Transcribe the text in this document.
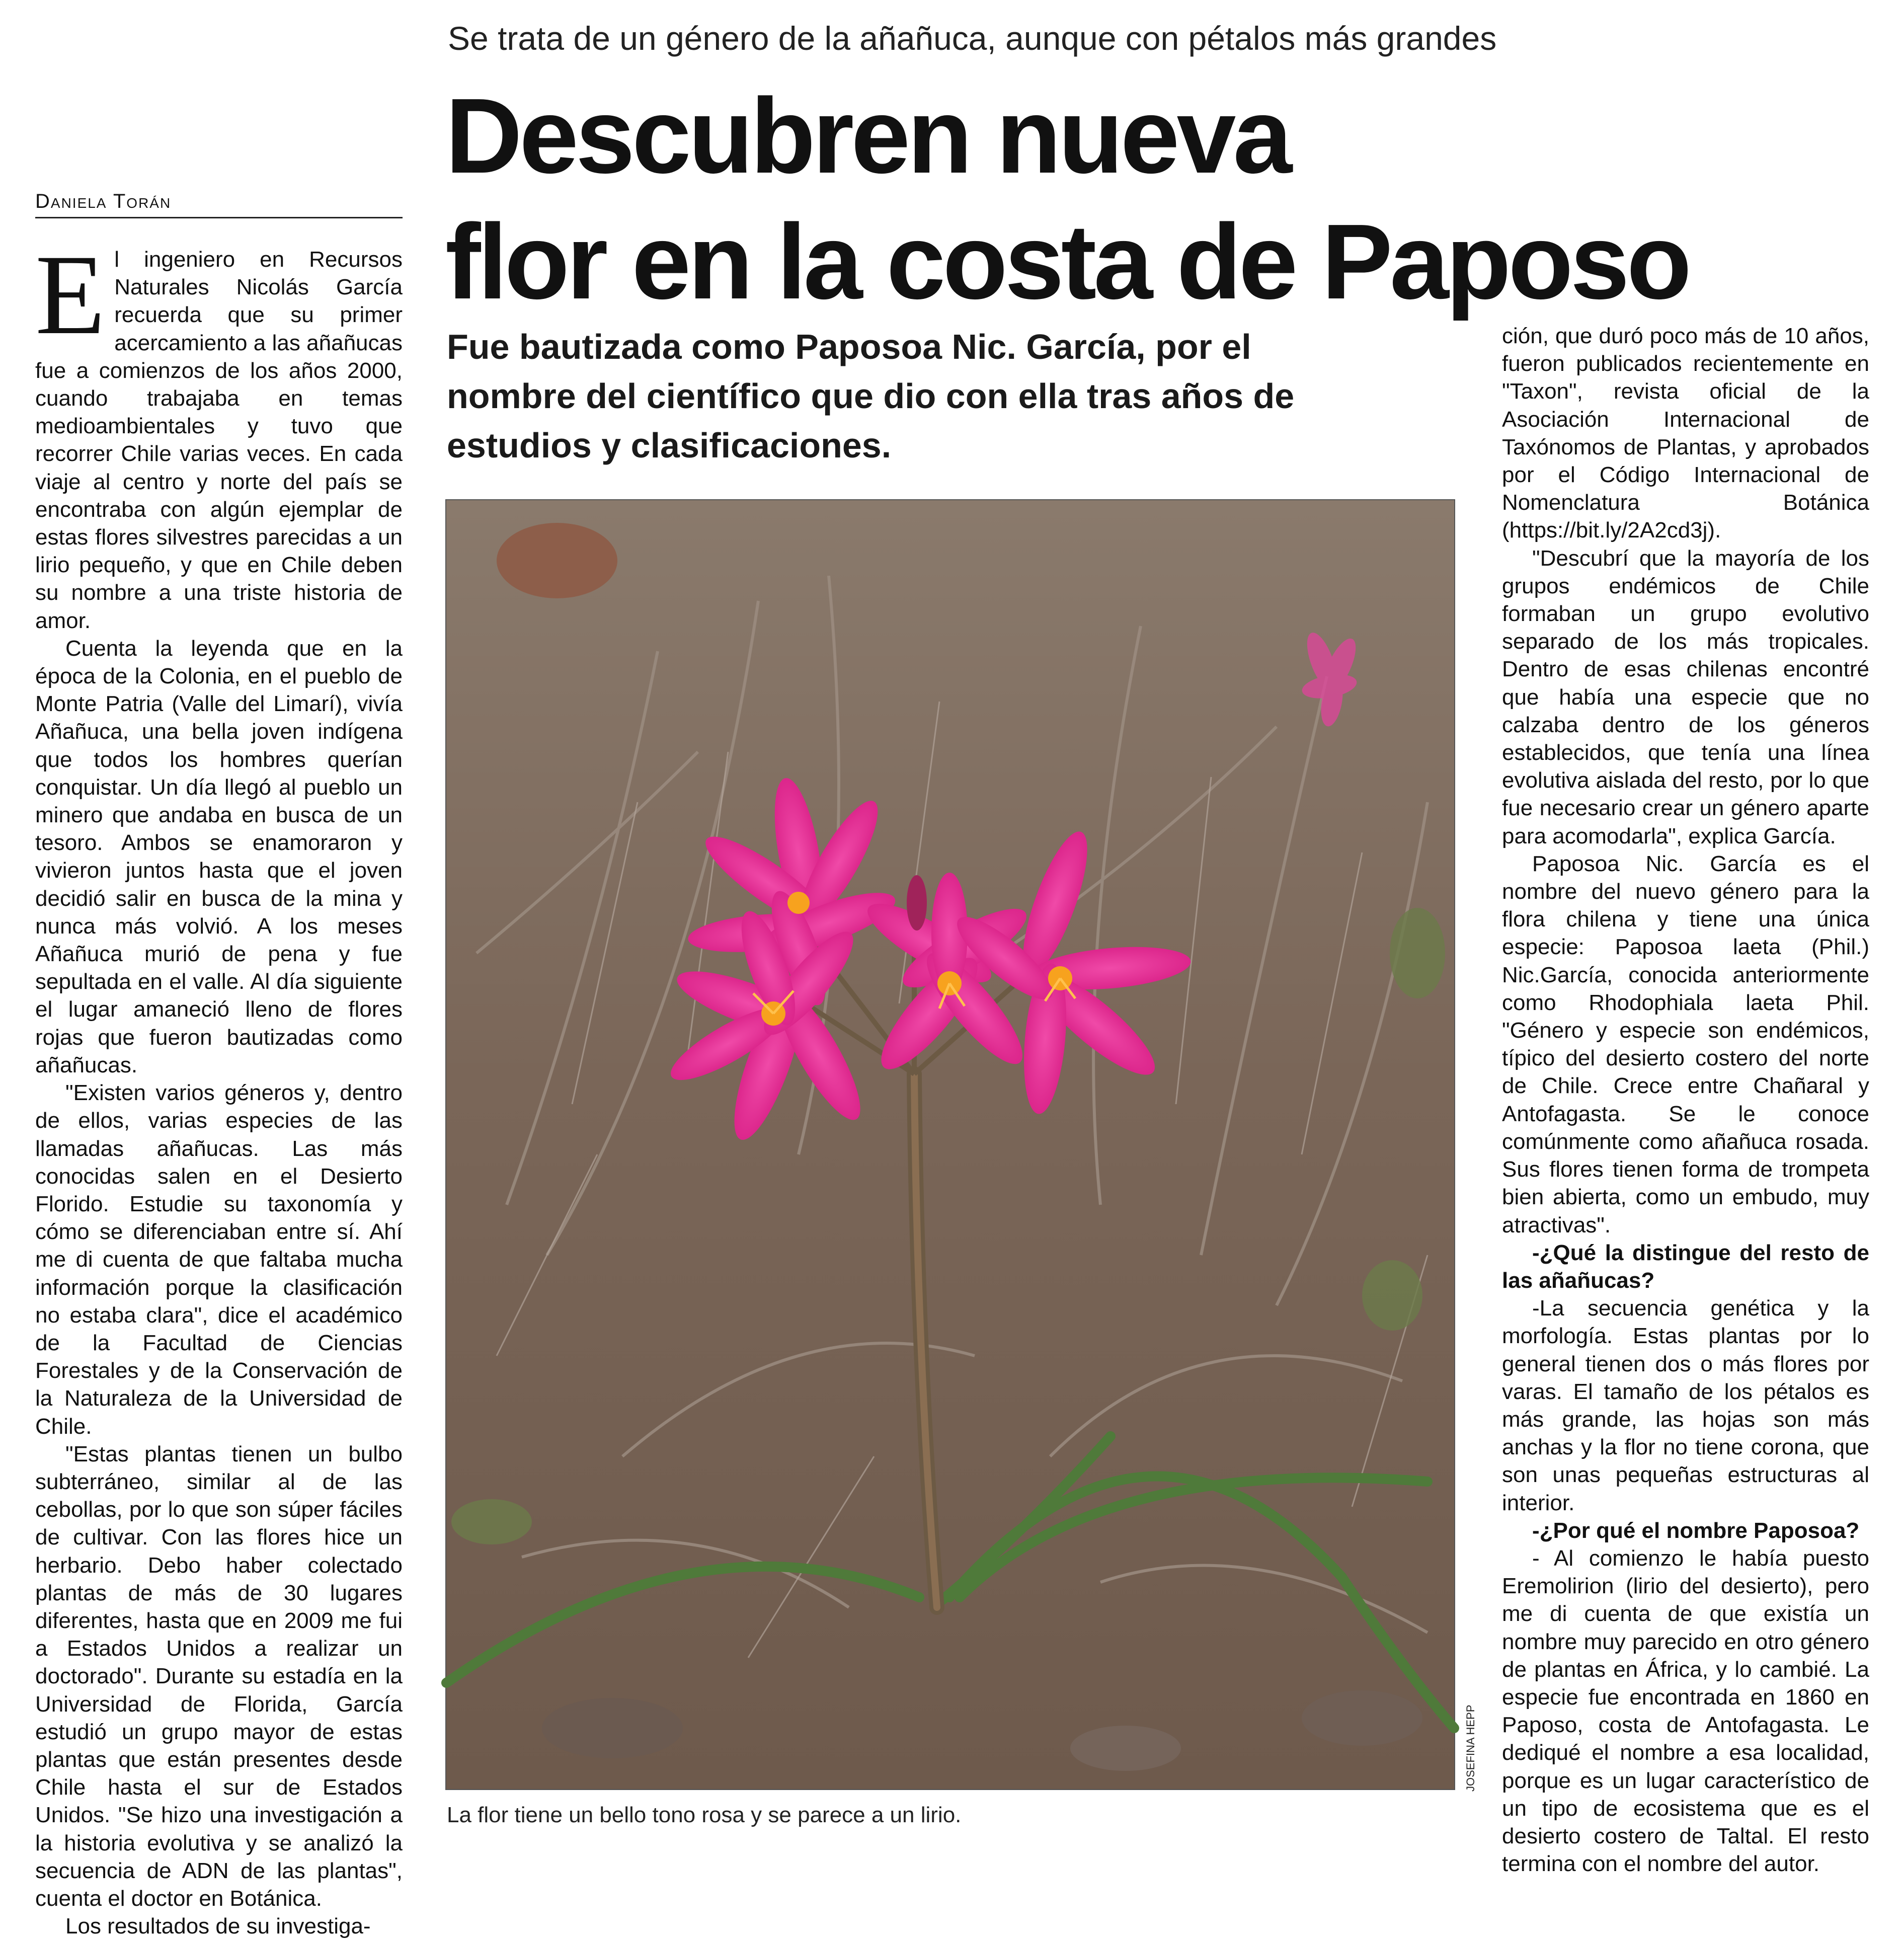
Se trata de un género de la añañuca, aunque con pétalos más grandes
Descubren nueva
flor en la costa de Paposo
Daniela Torán

El ingeniero en Recursos Naturales Nicolás García recuerda que su primer acercamiento a las añañucas fue a comienzos de los años 2000, cuando trabajaba en temas medioambientales y tuvo que recorrer Chile varias veces. En cada viaje al centro y norte del país se encontraba con algún ejemplar de estas flores silvestres parecidas a un lirio pequeño, y que en Chile deben su nombre a una triste historia de amor.

Cuenta la leyenda que en la época de la Colonia, en el pueblo de Monte Patria (Valle del Limarí), vivía Añañuca, una bella joven indígena que todos los hombres querían conquistar. Un día llegó al pueblo un minero que andaba en busca de un tesoro. Ambos se enamoraron y vivieron juntos hasta que el joven decidió salir en busca de la mina y nunca más volvió. A los meses Añañuca murió de pena y fue sepultada en el valle. Al día siguiente el lugar amaneció lleno de flores rojas que fueron bautizadas como añañucas.

"Existen varios géneros y, dentro de ellos, varias especies de las llamadas añañucas. Las más conocidas salen en el Desierto Florido. Estudie su taxonomía y cómo se diferenciaban entre sí. Ahí me di cuenta de que faltaba mucha información porque la clasificación no estaba clara", dice el académico de la Facultad de Ciencias Forestales y de la Conservación de la Naturaleza de la Universidad de Chile.

"Estas plantas tienen un bulbo subterráneo, similar al de las cebollas, por lo que son súper fáciles de cultivar. Con las flores hice un herbario. Debo haber colectado plantas de más de 30 lugares diferentes, hasta que en 2009 me fui a Estados Unidos a realizar un doctorado". Durante su estadía en la Universidad de Florida, García estudió un grupo mayor de estas plantas que están presentes desde Chile hasta el sur de Estados Unidos. "Se hizo una investigación a la historia evolutiva y se analizó la secuencia de ADN de las plantas", cuenta el doctor en Botánica.

Los resultados de su investiga-

Fue bautizada como Paposoa Nic. García, por el nombre del científico que dio con ella tras años de estudios y clasificaciones.
JOSEFINA HEPP
La flor tiene un bello tono rosa y se parece a un lirio.

ción, que duró poco más de 10 años, fueron publicados recientemente en "Taxon", revista oficial de la Asociación Internacional de Taxónomos de Plantas, y aprobados por el Código Internacional de Nomenclatura Botánica (https://bit.ly/2A2cd3j).

"Descubrí que la mayoría de los grupos endémicos de Chile formaban un grupo evolutivo separado de los más tropicales. Dentro de esas chilenas encontré que había una especie que no calzaba dentro de los géneros establecidos, que tenía una línea evolutiva aislada del resto, por lo que fue necesario crear un género aparte para acomodarla", explica García.

Paposoa Nic. García es el nombre del nuevo género para la flora chilena y tiene una única especie: Paposoa laeta (Phil.) Nic.García, conocida anteriormente como Rhodophiala laeta Phil. "Género y especie son endémicos, típico del desierto costero del norte de Chile. Crece entre Chañaral y Antofagasta. Se le conoce comúnmente como añañuca rosada. Sus flores tienen forma de trompeta bien abierta, como un embudo, muy atractivas".

-¿Qué la distingue del resto de las añañucas?

-La secuencia genética y la morfología. Estas plantas por lo general tienen dos o más flores por varas. El tamaño de los pétalos es más grande, las hojas son más anchas y la flor no tiene corona, que son unas pequeñas estructuras al interior.

-¿Por qué el nombre Paposoa?

- Al comienzo le había puesto Eremolirion (lirio del desierto), pero me di cuenta de que existía un nombre muy parecido en otro género de plantas en África, y lo cambié. La especie fue encontrada en 1860 en Paposo, costa de Antofagasta. Le dediqué el nombre a esa localidad, porque es un lugar característico de un tipo de ecosistema que es el desierto costero de Taltal. El resto termina con el nombre del autor.
